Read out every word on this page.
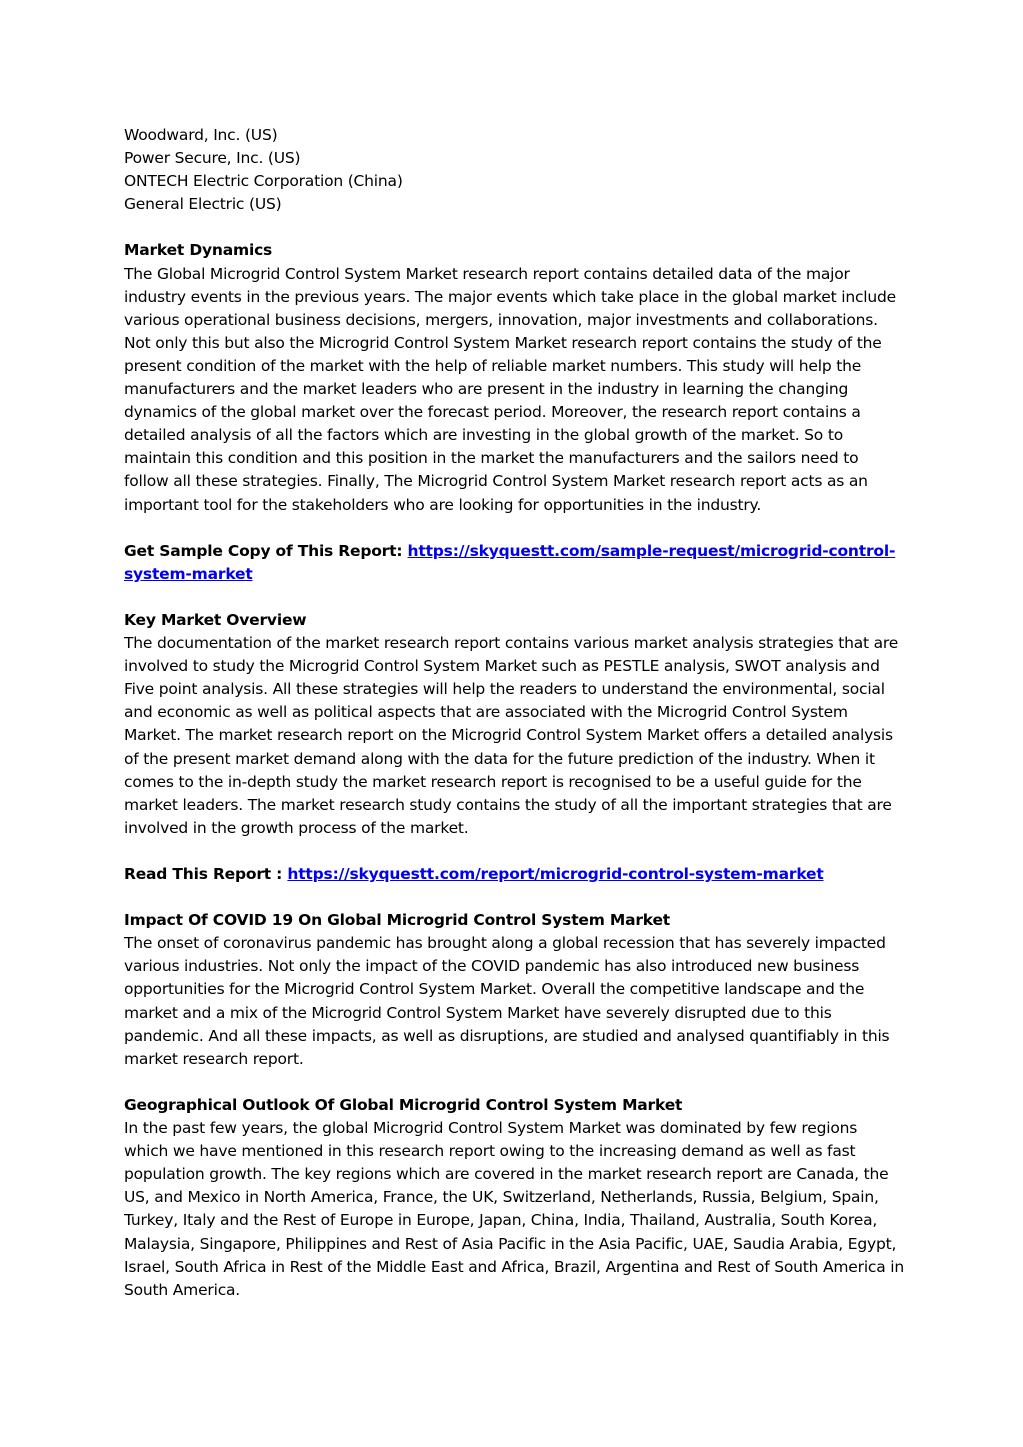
Woodward, Inc. (US)
Power Secure, Inc. (US)
ONTECH Electric Corporation (China)
General Electric (US)
Market Dynamics

The Global Microgrid Control System Market research report contains detailed data of the major industry events in the previous years. The major events which take place in the global market include various operational business decisions, mergers, innovation, major investments and collaborations. Not only this but also the Microgrid Control System Market research report contains the study of the present condition of the market with the help of reliable market numbers. This study will help the manufacturers and the market leaders who are present in the industry in learning the changing dynamics of the global market over the forecast period. Moreover, the research report contains a detailed analysis of all the factors which are investing in the global growth of the market. So to maintain this condition and this position in the market the manufacturers and the sailors need to follow all these strategies. Finally, The Microgrid Control System Market research report acts as an important tool for the stakeholders who are looking for opportunities in the industry.

Get Sample Copy of This Report: https://skyquestt.com/sample-request/microgrid-control-
system-market
Key Market Overview

The documentation of the market research report contains various market analysis strategies that are involved to study the Microgrid Control System Market such as PESTLE analysis, SWOT analysis and Five point analysis. All these strategies will help the readers to understand the environmental, social and economic as well as political aspects that are associated with the Microgrid Control System Market. The market research report on the Microgrid Control System Market offers a detailed analysis of the present market demand along with the data for the future prediction of the industry. When it comes to the in-depth study the market research report is recognised to be a useful guide for the market leaders. The market research study contains the study of all the important strategies that are involved in the growth process of the market.

Read This Report : https://skyquestt.com/report/microgrid-control-system-market
Impact Of COVID 19 On Global Microgrid Control System Market

The onset of coronavirus pandemic has brought along a global recession that has severely impacted various industries. Not only the impact of the COVID pandemic has also introduced new business opportunities for the Microgrid Control System Market. Overall the competitive landscape and the market and a mix of the Microgrid Control System Market have severely disrupted due to this pandemic. And all these impacts, as well as disruptions, are studied and analysed quantifiably in this market research report.

Geographical Outlook Of Global Microgrid Control System Market

In the past few years, the global Microgrid Control System Market was dominated by few regions which we have mentioned in this research report owing to the increasing demand as well as fast population growth. The key regions which are covered in the market research report are Canada, the US, and Mexico in North America, France, the UK, Switzerland, Netherlands, Russia, Belgium, Spain, Turkey, Italy and the Rest of Europe in Europe, Japan, China, India, Thailand, Australia, South Korea, Malaysia, Singapore, Philippines and Rest of Asia Pacific in the Asia Pacific, UAE, Saudia Arabia, Egypt, Israel, South Africa in Rest of the Middle East and Africa, Brazil, Argentina and Rest of South America in South America.
